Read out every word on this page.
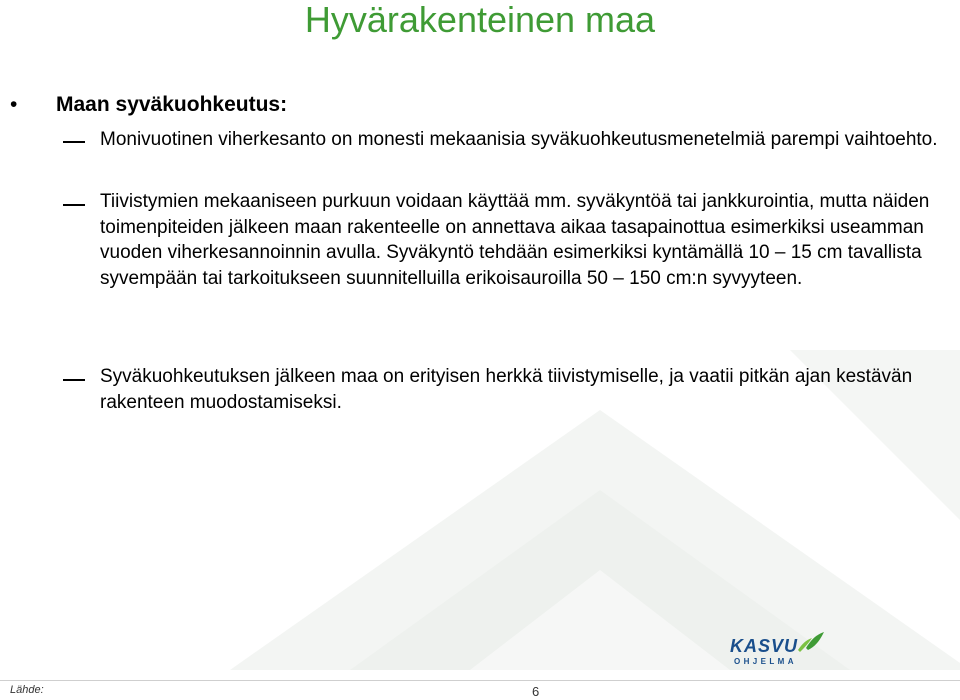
Hyvärakenteinen maa
• Maan syväkuohkeutus:
Monivuotinen viherkesanto on monesti mekaanisia syväkuohkeutusmenetelmiä parempi vaihtoehto.
Tiivistymien mekaaniseen purkuun voidaan käyttää mm. syväkyntöä tai jankkurointia, mutta näiden toimenpiteiden jälkeen maan rakenteelle on annettava aikaa tasapainottua esimerkiksi useamman vuoden viherkesannoinnin avulla. Syväkyntö tehdään esimerkiksi kyntämällä 10 – 15 cm tavallista syvempään tai tarkoitukseen suunnitelluilla erikoisauroilla 50 – 150 cm:n syvyyteen.
Syväkuohkeutuksen jälkeen maa on erityisen herkkä tiivistymiselle, ja vaatii pitkän ajan kestävän rakenteen muodostamiseksi.
KASVU
OHJELMA
Lähde:	6
